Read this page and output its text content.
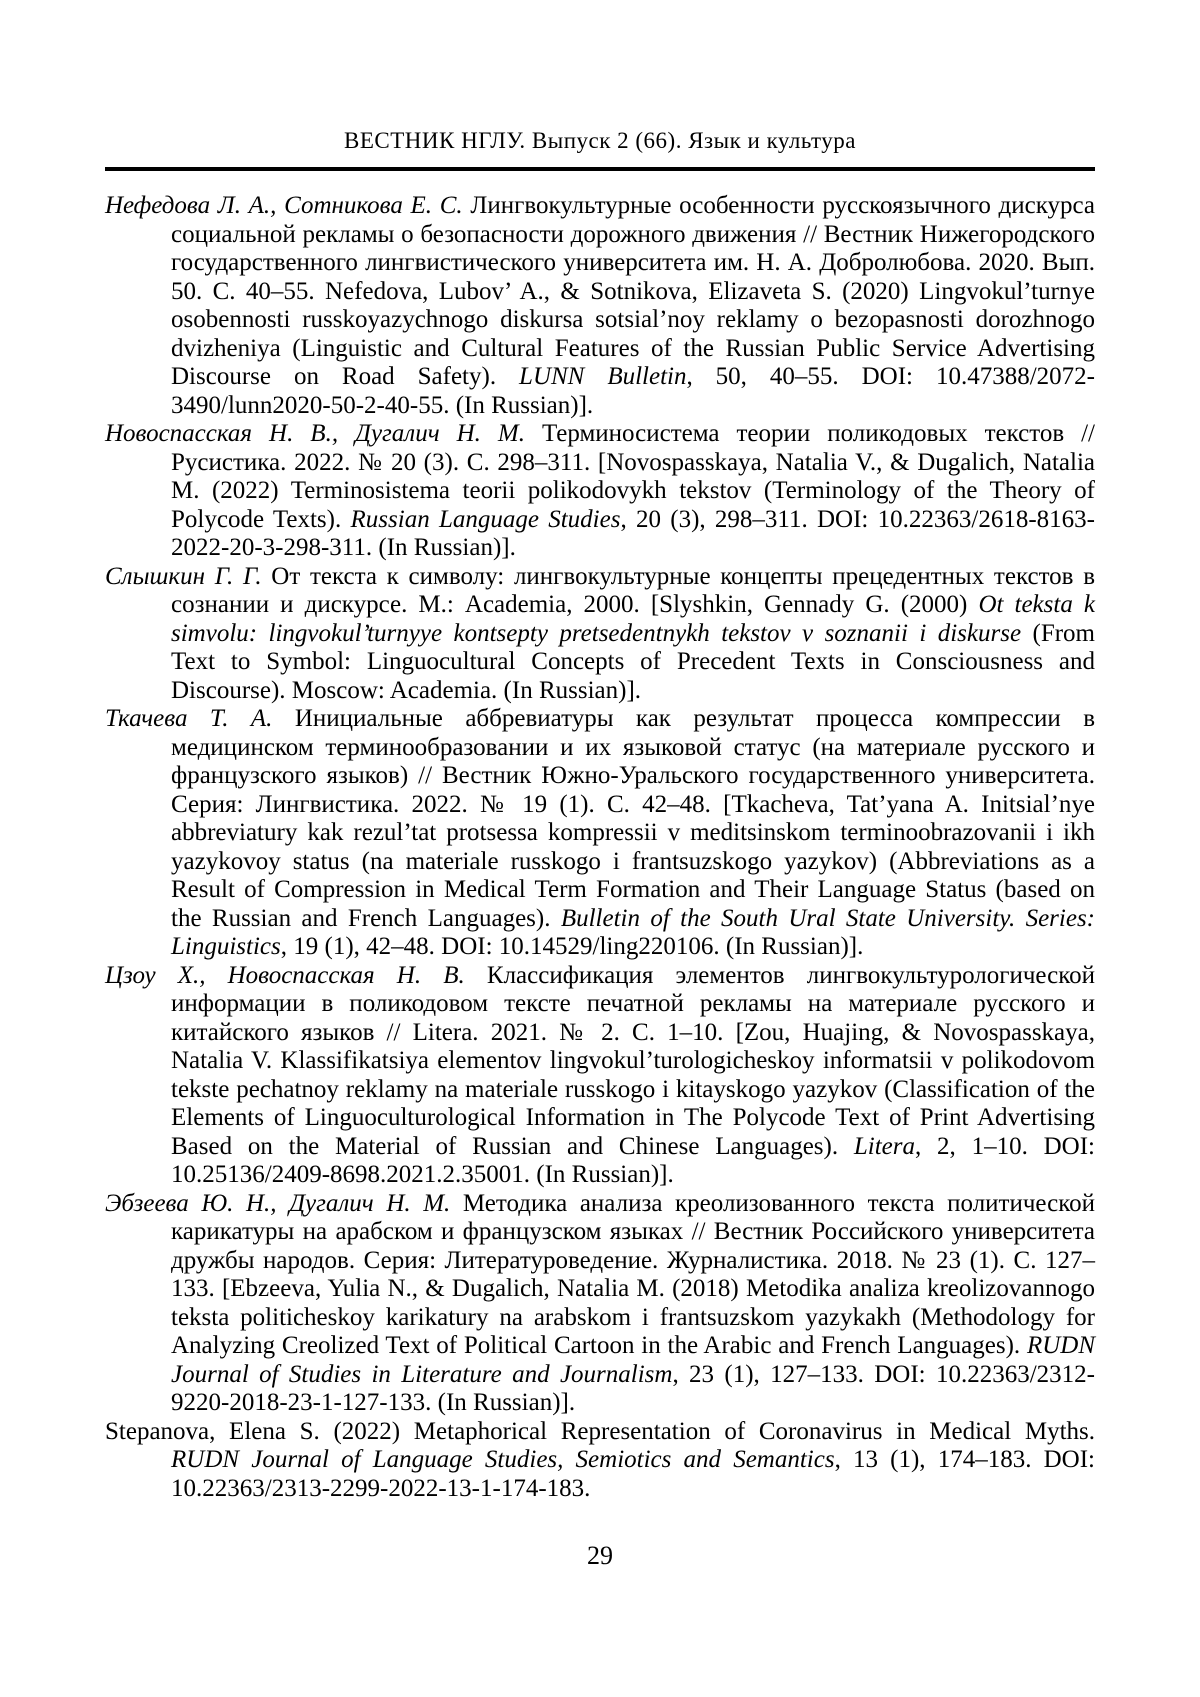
ВЕСТНИК НГЛУ. Выпуск 2 (66). Язык и культура

Нефедова Л. А., Сотникова Е. С. Лингвокультурные особенности русскоязычного дискурса социальной рекламы о безопасности дорожного движения // Вестник Нижегородского государственного лингвистического университета им. Н. А. Добролюбова. 2020. Вып. 50. С. 40–55. Nefedova, Lubov’ A., & Sotnikova, Elizaveta S. (2020) Lingvokul’turnye osobennosti russkoyazychnogo diskursa sotsial’noy reklamy o bezopasnosti dorozhnogo dvizheniya (Linguistic and Cultural Features of the Russian Public Service Advertising Discourse on Road Safety). LUNN Bulletin, 50, 40–55. DOI: 10.47388/2072-3490/lunn2020-50-2-40-55. (In Russian)].

Новоспасская Н. В., Дугалич Н. М. Терминосистема теории поликодовых текстов // Русистика. 2022. № 20 (3). С. 298–311. [Novospasskaya, Natalia V., & Dugalich, Natalia M. (2022) Terminosistema teorii polikodovykh tekstov (Terminology of the Theory of Polycode Texts). Russian Language Studies, 20 (3), 298–311. DOI: 10.22363/2618-8163-2022-20-3-298-311. (In Russian)].

Слышкин Г. Г. От текста к символу: лингвокультурные концепты прецедентных текстов в сознании и дискурсе. М.: Academia, 2000. [Slyshkin, Gennady G. (2000) Ot teksta k simvolu: lingvokul’turnyye kontsepty pretsedentnykh tekstov v soznanii i diskurse (From Text to Symbol: Linguocultural Concepts of Precedent Texts in Consciousness and Discourse). Moscow: Academia. (In Russian)].

Ткачева Т. А. Инициальные аббревиатуры как результат процесса компрессии в медицинском терминообразовании и их языковой статус (на материале русского и французского языков) // Вестник Южно-Уральского государственного университета. Серия: Лингвистика. 2022. № 19 (1). С. 42–48. [Tkacheva, Tat’yana A. Initsial’nye abbreviatury kak rezul’tat protsessa kompressii v meditsinskom terminoobrazovanii i ikh yazykovoy status (na materiale russkogo i frantsuzskogo yazykov) (Abbreviations as a Result of Compression in Medical Term Formation and Their Language Status (based on the Russian and French Languages). Bulletin of the South Ural State University. Series: Linguistics, 19 (1), 42–48. DOI: 10.14529/ling220106. (In Russian)].

Цзоу Х., Новоспасская Н. В. Классификация элементов лингвокультурологической информации в поликодовом тексте печатной рекламы на материале русского и китайского языков // Litera. 2021. № 2. С. 1–10. [Zou, Huajing, & Novospasskaya, Natalia V. Klassifikatsiya elementov lingvokul’turologicheskoy informatsii v polikodovom tekste pechatnoy reklamy na materiale russkogo i kitayskogo yazykov (Classification of the Elements of Linguoculturological Information in The Polycode Text of Print Advertising Based on the Material of Russian and Chinese Languages). Litera, 2, 1–10. DOI: 10.25136/2409-8698.2021.2.35001. (In Russian)].

Эбзеева Ю. Н., Дугалич Н. М. Методика анализа креолизованного текста политической карикатуры на арабском и французском языках // Вестник Российского университета дружбы народов. Серия: Литературоведение. Журналистика. 2018. № 23 (1). С. 127–133. [Ebzeeva, Yulia N., & Dugalich, Natalia M. (2018) Metodika analiza kreolizovannogo teksta politicheskoy karikatury na arabskom i frantsuzskom yazykakh (Methodology for Analyzing Creolized Text of Political Cartoon in the Arabic and French Languages). RUDN Journal of Studies in Literature and Journalism, 23 (1), 127–133. DOI: 10.22363/2312-9220-2018-23-1-127-133. (In Russian)].

Stepanova, Elena S. (2022) Metaphorical Representation of Coronavirus in Medical Myths. RUDN Journal of Language Studies, Semiotics and Semantics, 13 (1), 174–183. DOI: 10.22363/2313-2299-2022-13-1-174-183.

29
